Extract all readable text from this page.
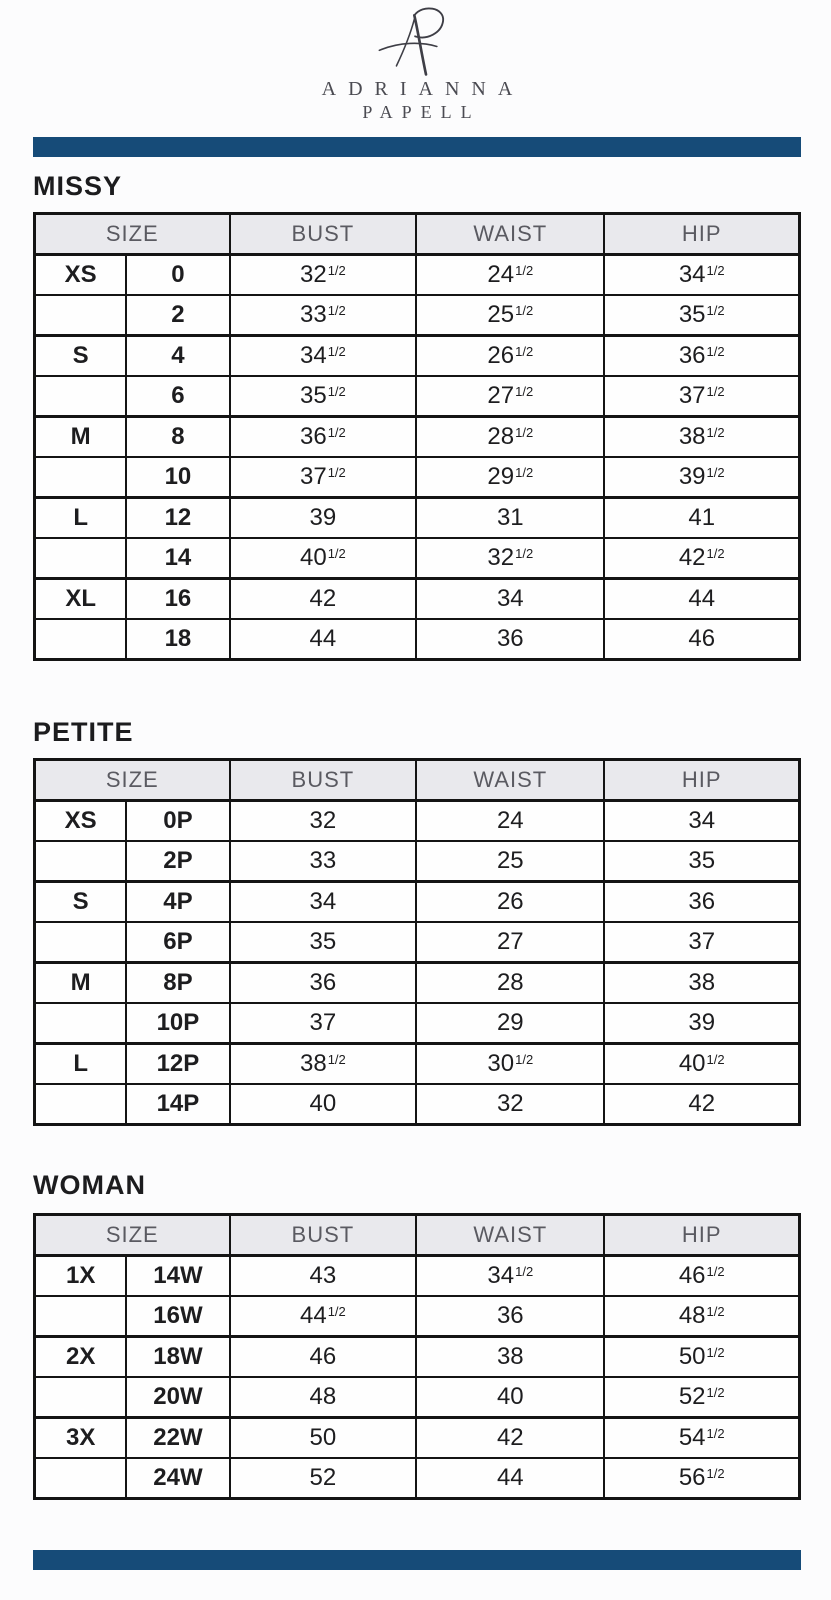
ADRIANNA
PAPELL
MISSY
SIZE		BUST	WAIST	HIP
XS	0	$32^{1/2}$	$24^{1/2}$	$34^{1/2}$
	2	$33^{1/2}$	$25^{1/2}$	$35^{1/2}$
S	4	$34^{1/2}$	$26^{1/2}$	$36^{1/2}$
	6	$35^{1/2}$	$27^{1/2}$	$37^{1/2}$
M	8	$36^{1/2}$	$28^{1/2}$	$38^{1/2}$
	10	$37^{1/2}$	$29^{1/2}$	$39^{1/2}$
L	12	39	31	41
	14	$40^{1/2}$	$32^{1/2}$	$42^{1/2}$
XL	16	42	34	44
	18	44	36	46
PETITE
SIZE		BUST	WAIST	HIP
XS	0P	32	24	34
	2P	33	25	35
S	4P	34	26	36
	6P	35	27	37
M	8P	36	28	38
	10P	37	29	39
L	12P	$38^{1/2}$	$30^{1/2}$	$40^{1/2}$
	14P	40	32	42
WOMAN
SIZE		BUST	WAIST	HIP
1X	14W	43	$34^{1/2}$	$46^{1/2}$
	16W	$44^{1/2}$	36	$48^{1/2}$
2X	18W	46	38	$50^{1/2}$
	20W	48	40	$52^{1/2}$
3X	22W	50	42	$54^{1/2}$
	24W	52	44	$56^{1/2}$
